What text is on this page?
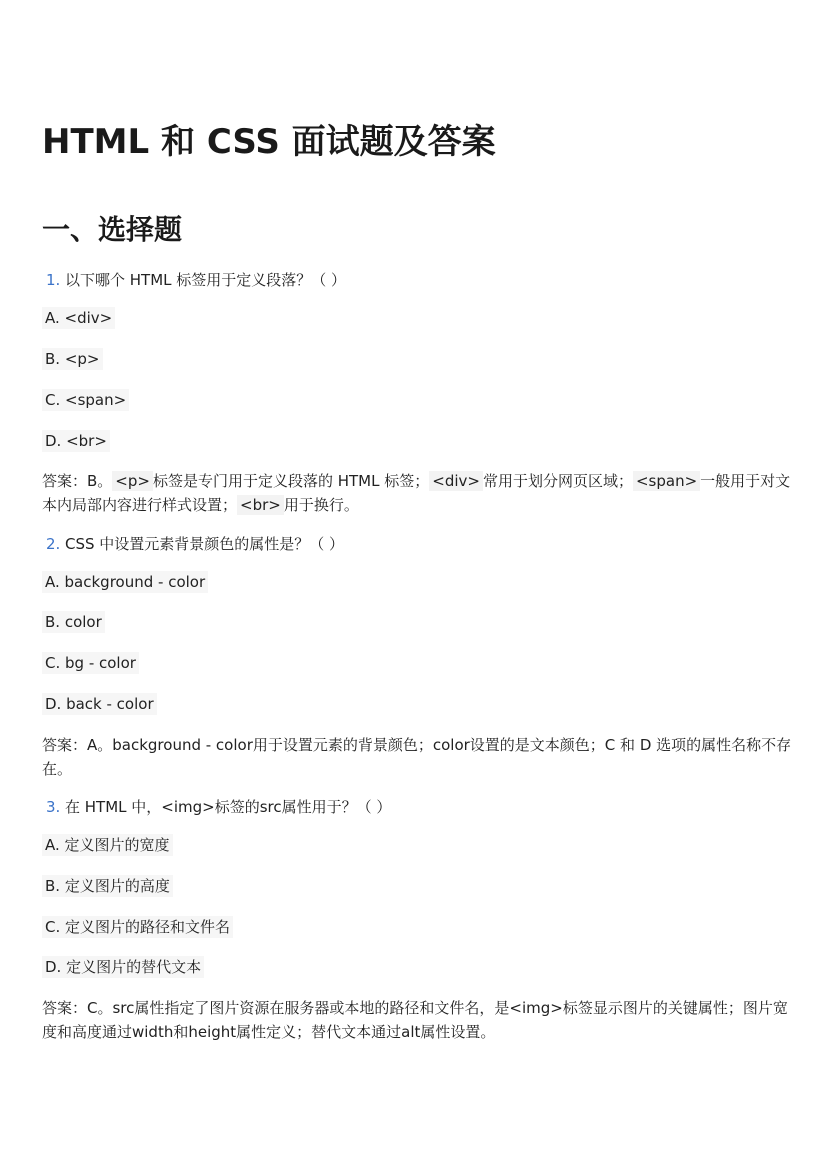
HTML 和 CSS 面试题及答案
一、选择题
1. 以下哪个 HTML 标签用于定义段落？（ ）
A. <div>
B. <p>
C. <span>
D. <br>
答案：B。 <p> 标签是专门用于定义段落的 HTML 标签； <div> 常用于划分网页区域； <span> 一般用于对文本内局部内容进行样式设置； <br> 用于换行。
2. CSS 中设置元素背景颜色的属性是？（ ）
A. background - color
B. color
C. bg - color
D. back - color
答案：A。background - color用于设置元素的背景颜色；color设置的是文本颜色；C 和 D 选项的属性名称不存在。
3. 在 HTML 中，<img>标签的src属性用于？（ ）
A. 定义图片的宽度
B. 定义图片的高度
C. 定义图片的路径和文件名
D. 定义图片的替代文本
答案：C。src属性指定了图片资源在服务器或本地的路径和文件名，是<img>标签显示图片的关键属性；图片宽度和高度通过width和height属性定义；替代文本通过alt属性设置。
